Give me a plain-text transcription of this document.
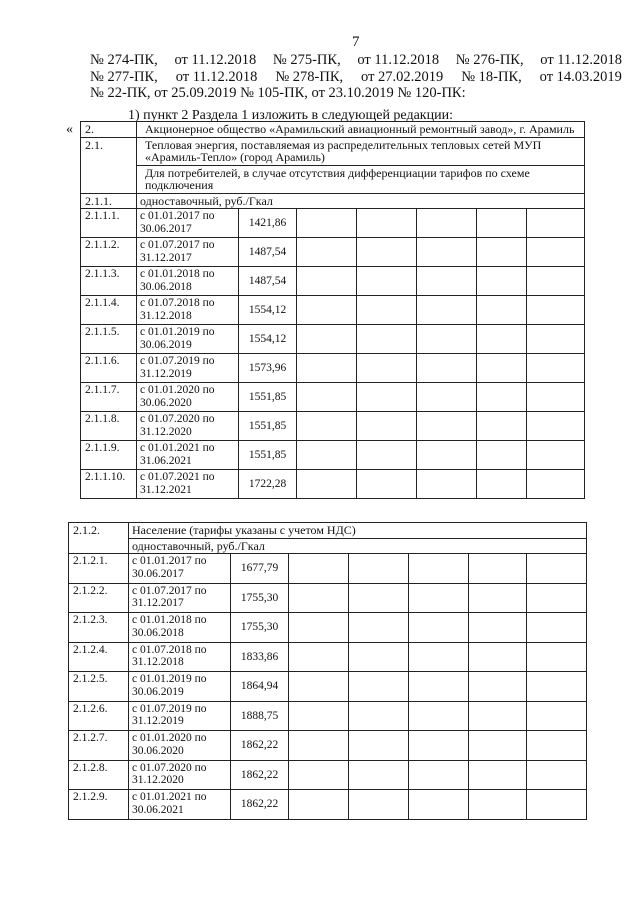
7
№ 274-ПК, от 11.12.2018 № 275-ПК, от 11.12.2018 № 276-ПК, от 11.12.2018
№ 277-ПК, от 11.12.2018 № 278-ПК, от 27.02.2019 № 18-ПК, от 14.03.2019
№ 22-ПК, от 25.09.2019 № 105-ПК, от 23.10.2019 № 120-ПК:
1) пункт 2 Раздела 1 изложить в следующей редакции:
« 2.	Акционерное общество «Арамильский авиационный ремонтный завод», г. Арамиль						
2.1.	Тепловая энергия, поставляемая из распределительных тепловых сетей МУП «Арамиль-Тепло» (город Арамиль)						
	Для потребителей, в случае отсутствия дифференциации тарифов по схеме подключения						
2.1.1.	одноставочный, руб./Гкал						
2.1.1.1.	с 01.01.2017 по 30.06.2017	1421,86					
2.1.1.2.	с 01.07.2017 по 31.12.2017	1487,54					
2.1.1.3.	с 01.01.2018 по 30.06.2018	1487,54					
2.1.1.4.	с 01.07.2018 по 31.12.2018	1554,12					
2.1.1.5.	с 01.01.2019 по 30.06.2019	1554,12					
2.1.1.6.	с 01.07.2019 по 31.12.2019	1573,96					
2.1.1.7.	с 01.01.2020 по 30.06.2020	1551,85					
2.1.1.8.	с 01.07.2020 по 31.12.2020	1551,85					
2.1.1.9.	с 01.01.2021 по 31.06.2021	1551,85					
2.1.1.10.	с 01.07.2021 по 31.12.2021	1722,28					
2.1.2.	Население (тарифы указаны с учетом НДС)						
	одноставочный, руб./Гкал						
2.1.2.1.	с 01.01.2017 по 30.06.2017	1677,79					
2.1.2.2.	с 01.07.2017 по 31.12.2017	1755,30					
2.1.2.3.	с 01.01.2018 по 30.06.2018	1755,30					
2.1.2.4.	с 01.07.2018 по 31.12.2018	1833,86					
2.1.2.5.	с 01.01.2019 по 30.06.2019	1864,94					
2.1.2.6.	с 01.07.2019 по 31.12.2019	1888,75					
2.1.2.7.	с 01.01.2020 по 30.06.2020	1862,22					
2.1.2.8.	с 01.07.2020 по 31.12.2020	1862,22					
2.1.2.9.	с 01.01.2021 по 30.06.2021	1862,22					
